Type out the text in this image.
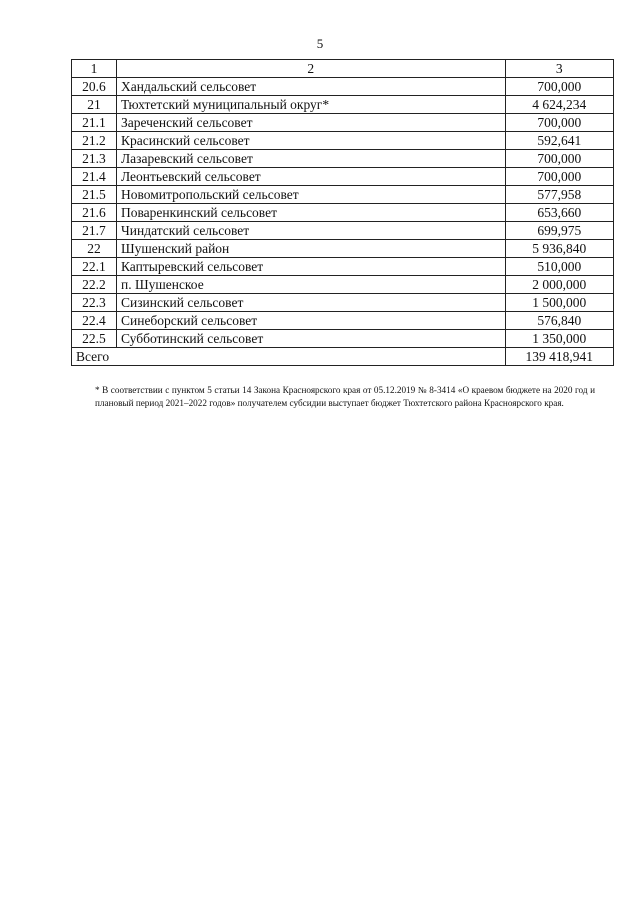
5
1	2	3
20.6	Хандальский сельсовет	700,000
21	Тюхтетский муниципальный округ*	4 624,234
21.1	Зареченский сельсовет	700,000
21.2	Красинский сельсовет	592,641
21.3	Лазаревский сельсовет	700,000
21.4	Леонтьевский сельсовет	700,000
21.5	Новомитропольский сельсовет	577,958
21.6	Поваренкинский сельсовет	653,660
21.7	Чиндатский сельсовет	699,975
22	Шушенский район	5 936,840
22.1	Каптыревский сельсовет	510,000
22.2	п. Шушенское	2 000,000
22.3	Сизинский сельсовет	1 500,000
22.4	Синеборский сельсовет	576,840
22.5	Субботинский сельсовет	1 350,000
Всего		139 418,941

* В соответствии с пунктом 5 статьи 14 Закона Красноярского края от 05.12.2019 № 8-3414 «О краевом бюджете на 2020 год и плановый период 2021–2022 годов» получателем субсидии выступает бюджет Тюхтетского района Красноярского края.
